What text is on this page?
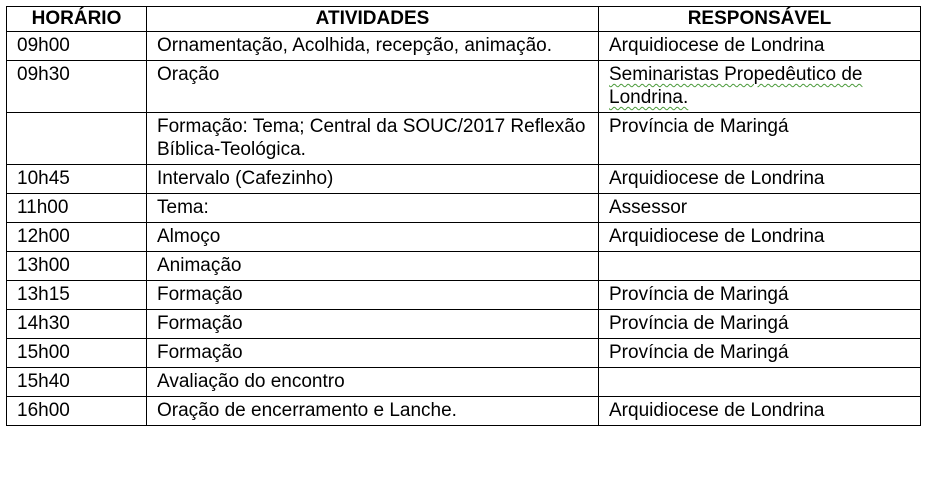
HORÁRIO	ATIVIDADES	RESPONSÁVEL
09h00	Ornamentação, Acolhida, recepção, animação.	Arquidiocese de Londrina
09h30	Oração	Seminaristas Propedêutico de Londrina.
	Formação: Tema; Central da SOUC/2017 Reflexão Bíblica-Teológica.	Província de Maringá
10h45	Intervalo (Cafezinho)	Arquidiocese de Londrina
11h00	Tema:	Assessor
12h00	Almoço	Arquidiocese de Londrina
13h00	Animação	
13h15	Formação	Província de Maringá
14h30	Formação	Província de Maringá
15h00	Formação	Província de Maringá
15h40	Avaliação do encontro	
16h00	Oração de encerramento e Lanche.	Arquidiocese de Londrina
